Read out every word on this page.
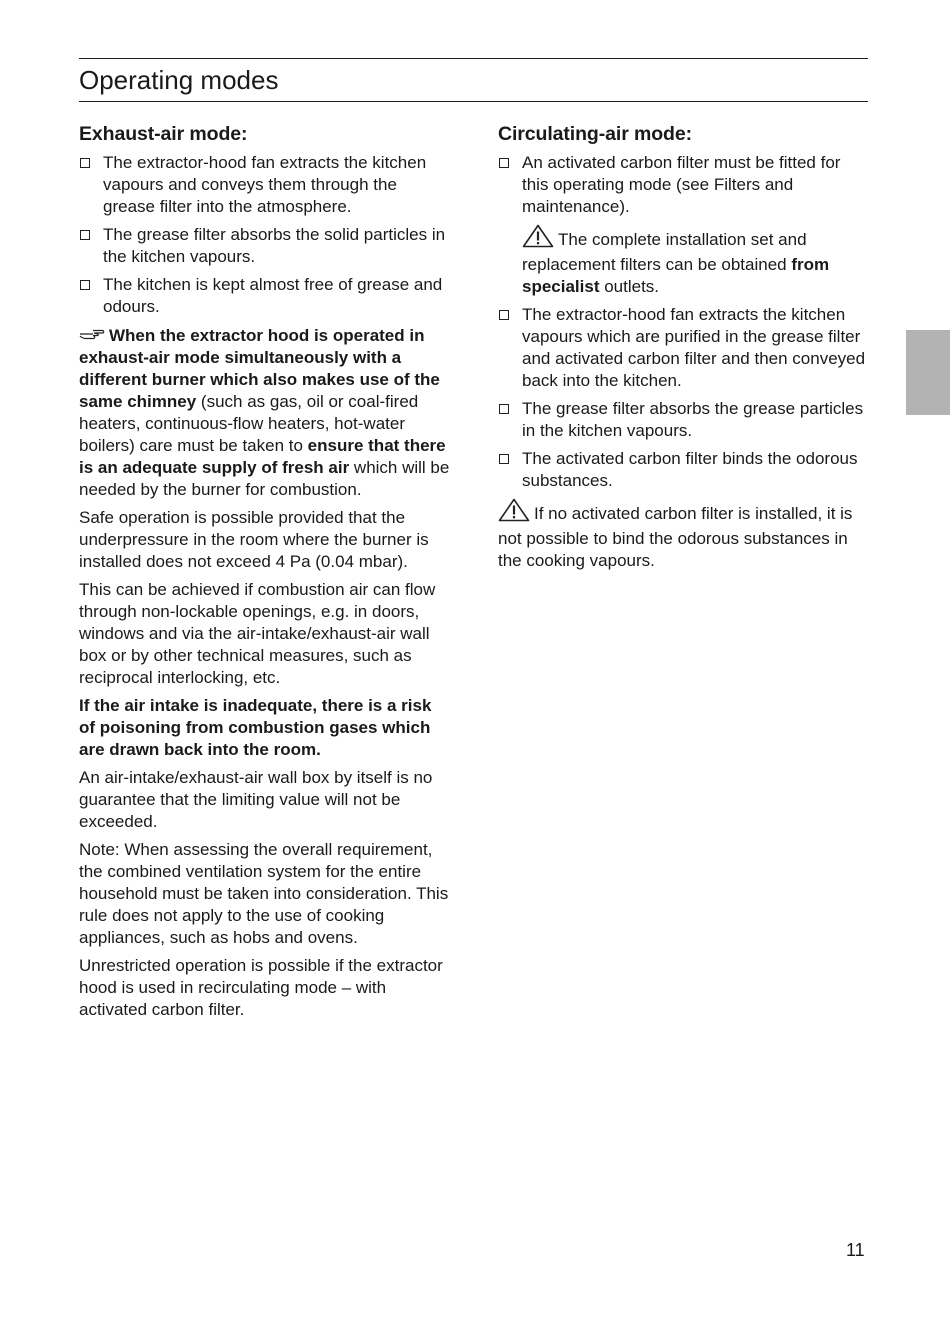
Operating modes
Exhaust-air mode:
The extractor-hood fan extracts the kitchen vapours and conveys them through the grease filter into the atmosphere.
The grease filter absorbs the solid particles in the kitchen vapours.
The kitchen is kept almost free of grease and odours.

When the extractor hood is operated in exhaust-air mode simultaneously with a different burner which also makes use of the same chimney (such as gas, oil or coal-fired heaters, continuous-flow heaters, hot-water boilers) care must be taken to ensure that there is an adequate supply of fresh air which will be needed by the burner for combustion.

Safe operation is possible provided that the underpressure in the room where the burner is installed does not exceed 4 Pa (0.04 mbar).

This can be achieved if combustion air can flow through non-lockable openings, e.g. in doors, windows and via the air-intake/exhaust-air wall box or by other technical measures, such as reciprocal interlocking, etc.

If the air intake is inadequate, there is a risk of poisoning from combustion gases which are drawn back into the room.

An air-intake/exhaust-air wall box by itself is no guarantee that the limiting value will not be exceeded.

Note: When assessing the overall requirement, the combined ventilation system for the entire household must be taken into consideration. This rule does not apply to the use of cooking appliances, such as hobs and ovens.

Unrestricted operation is possible if the extractor hood is used in recirculating mode – with activated carbon filter.

Circulating-air mode:
An activated carbon filter must be fitted for this operating mode (see Filters and maintenance).

The complete installation set and replacement filters can be obtained from specialist outlets.

The extractor-hood fan extracts the kitchen vapours which are purified in the grease filter and activated carbon filter and then conveyed back into the kitchen.
The grease filter absorbs the grease particles in the kitchen vapours.
The activated carbon filter binds the odorous substances.

If no activated carbon filter is installed, it is not possible to bind the odorous substances in the cooking vapours.

11
